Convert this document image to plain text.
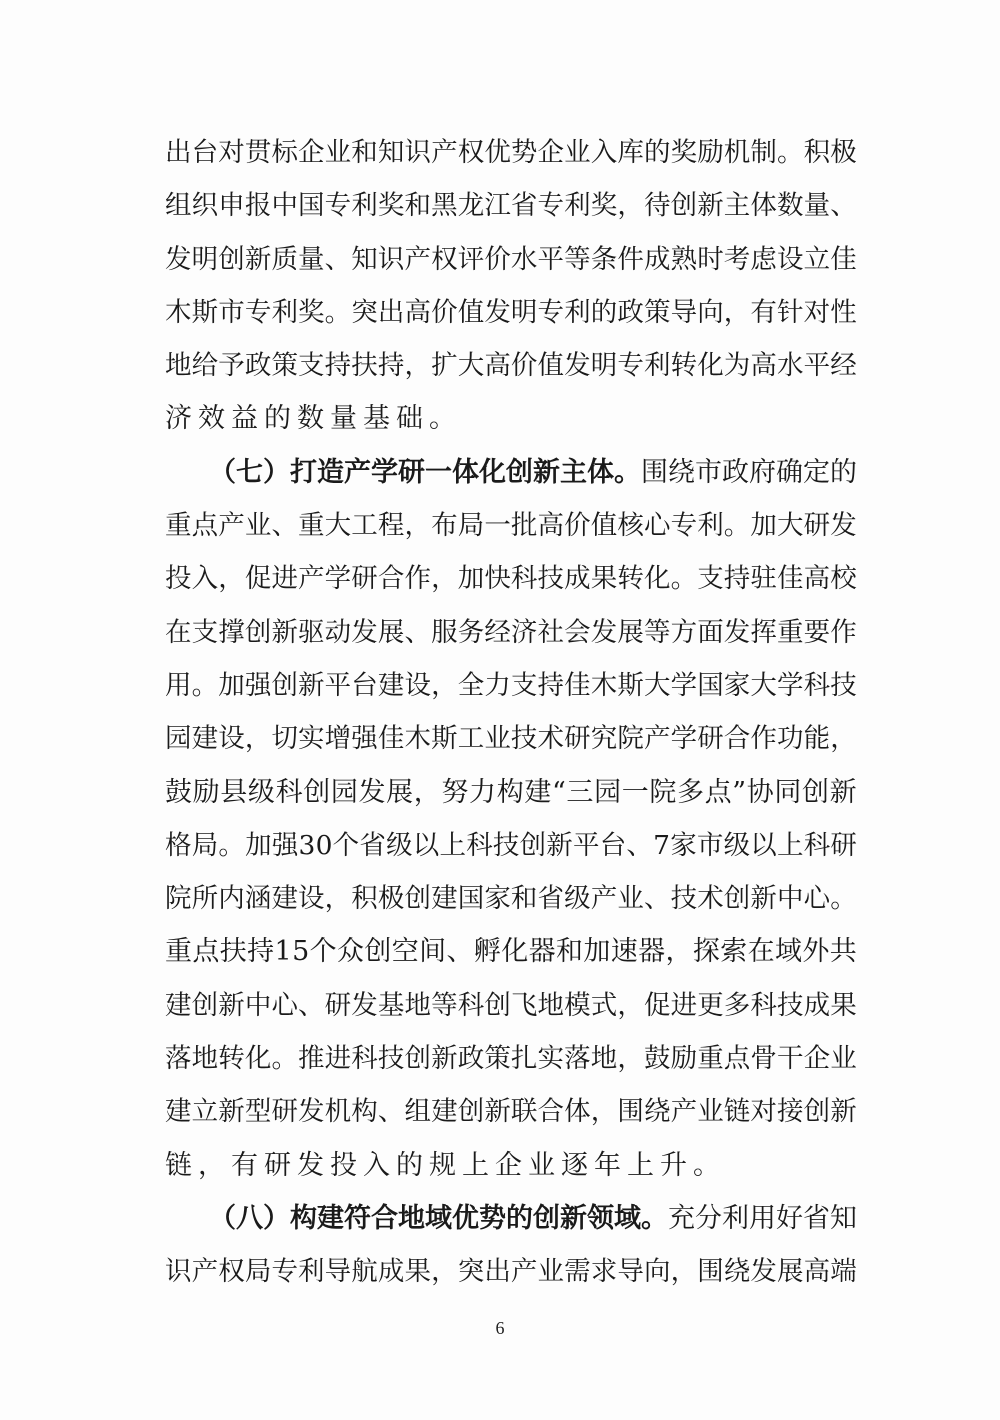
出 台 对 贯 标 企 业 和 知 识 产 权 优 势 企 业 入 库 的 奖 励 机 制 。 积 极
组 织 申 报 中 国 专 利 奖 和 黑 龙 江 省 专 利 奖 ， 待 创 新 主 体 数 量 、
发 明 创 新 质 量 、 知 识 产 权 评 价 水 平 等 条 件 成 熟 时 考 虑 设 立 佳
木 斯 市 专 利 奖 。 突 出 高 价 值 发 明 专 利 的 政 策 导 向 ， 有 针 对 性
地 给 予 政 策 支 持 扶 持 ， 扩 大 高 价 值 发 明 专 利 转 化 为 高 水 平 经
济效益的数量基础。
（ 七 ） 打 造 产 学 研 一 体 化 创 新 主 体 。 围 绕 市 政 府 确 定 的
重 点 产 业 、 重 大 工 程 ， 布 局 一 批 高 价 值 核 心 专 利 。 加 大 研 发
投 入 ， 促 进 产 学 研 合 作 ， 加 快 科 技 成 果 转 化 。 支 持 驻 佳 高 校
在 支 撑 创 新 驱 动 发 展 、 服 务 经 济 社 会 发 展 等 方 面 发 挥 重 要 作
用 。 加 强 创 新 平 台 建 设 ， 全 力 支 持 佳 木 斯 大 学 国 家 大 学 科 技
园 建 设 ， 切 实 增 强 佳 木 斯 工 业 技 术 研 究 院 产 学 研 合 作 功 能 ，
鼓 励 县 级 科 创 园 发 展 ， 努 力 构 建 “ 三 园 一 院 多 点 ” 协 同 创 新
格 局 。 加 强 3 0 个 省 级 以 上 科 技 创 新 平 台 、 7 家 市 级 以 上 科 研
院 所 内 涵 建 设 ， 积 极 创 建 国 家 和 省 级 产 业 、 技 术 创 新 中 心 。
重 点 扶 持 1 5 个 众 创 空 间 、 孵 化 器 和 加 速 器 ， 探 索 在 域 外 共
建 创 新 中 心 、 研 发 基 地 等 科 创 飞 地 模 式 ， 促 进 更 多 科 技 成 果
落 地 转 化 。 推 进 科 技 创 新 政 策 扎 实 落 地 ， 鼓 励 重 点 骨 干 企 业
建 立 新 型 研 发 机 构 、 组 建 创 新 联 合 体 ， 围 绕 产 业 链 对 接 创 新
链，有研发投入的规上企业逐年上升。
（ 八 ） 构 建 符 合 地 域 优 势 的 创 新 领 域 。 充 分 利 用 好 省 知
识 产 权 局 专 利 导 航 成 果 ， 突 出 产 业 需 求 导 向 ， 围 绕 发 展 高 端
6
